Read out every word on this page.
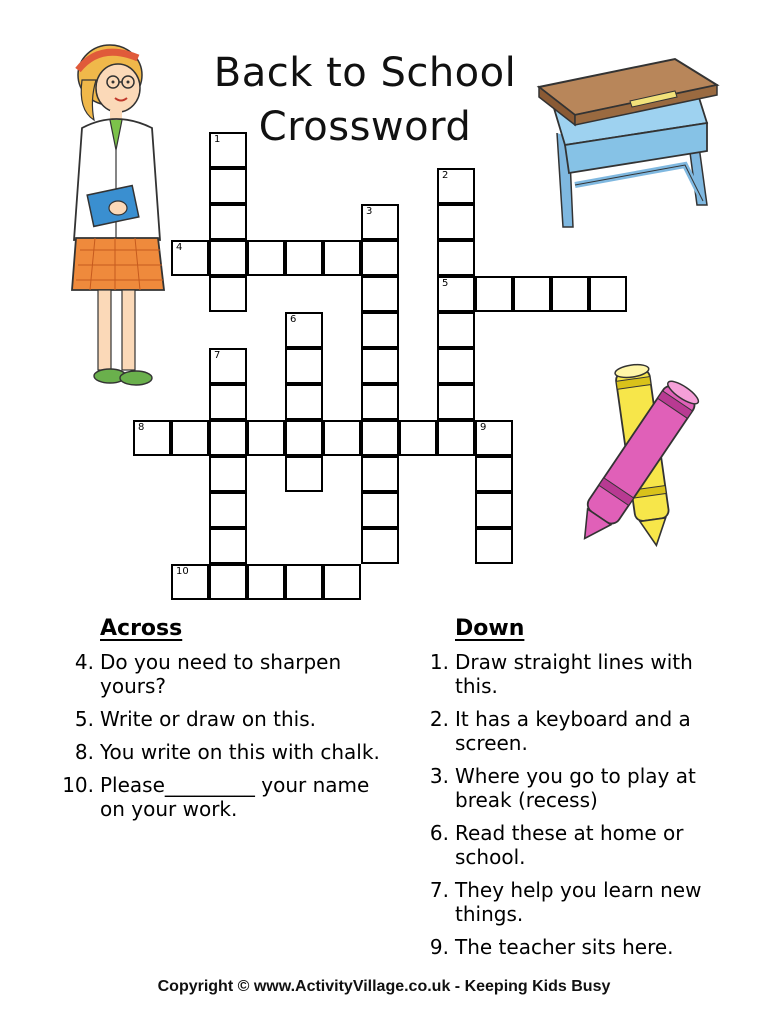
Back to School
Crossword
1
2
3
4
5
6
7
8	9
10
Across
4. Do you need to sharpen yours?
5. Write or draw on this.
8. You write on this with chalk.
10. Please_________ your name on your work.
Down
1. Draw straight lines with this.
2. It has a keyboard and a screen.
3. Where you go to play at break (recess)
6. Read these at home or school.
7. They help you learn new things.
9. The teacher sits here.
Copyright © www.ActivityVillage.co.uk - Keeping Kids Busy
